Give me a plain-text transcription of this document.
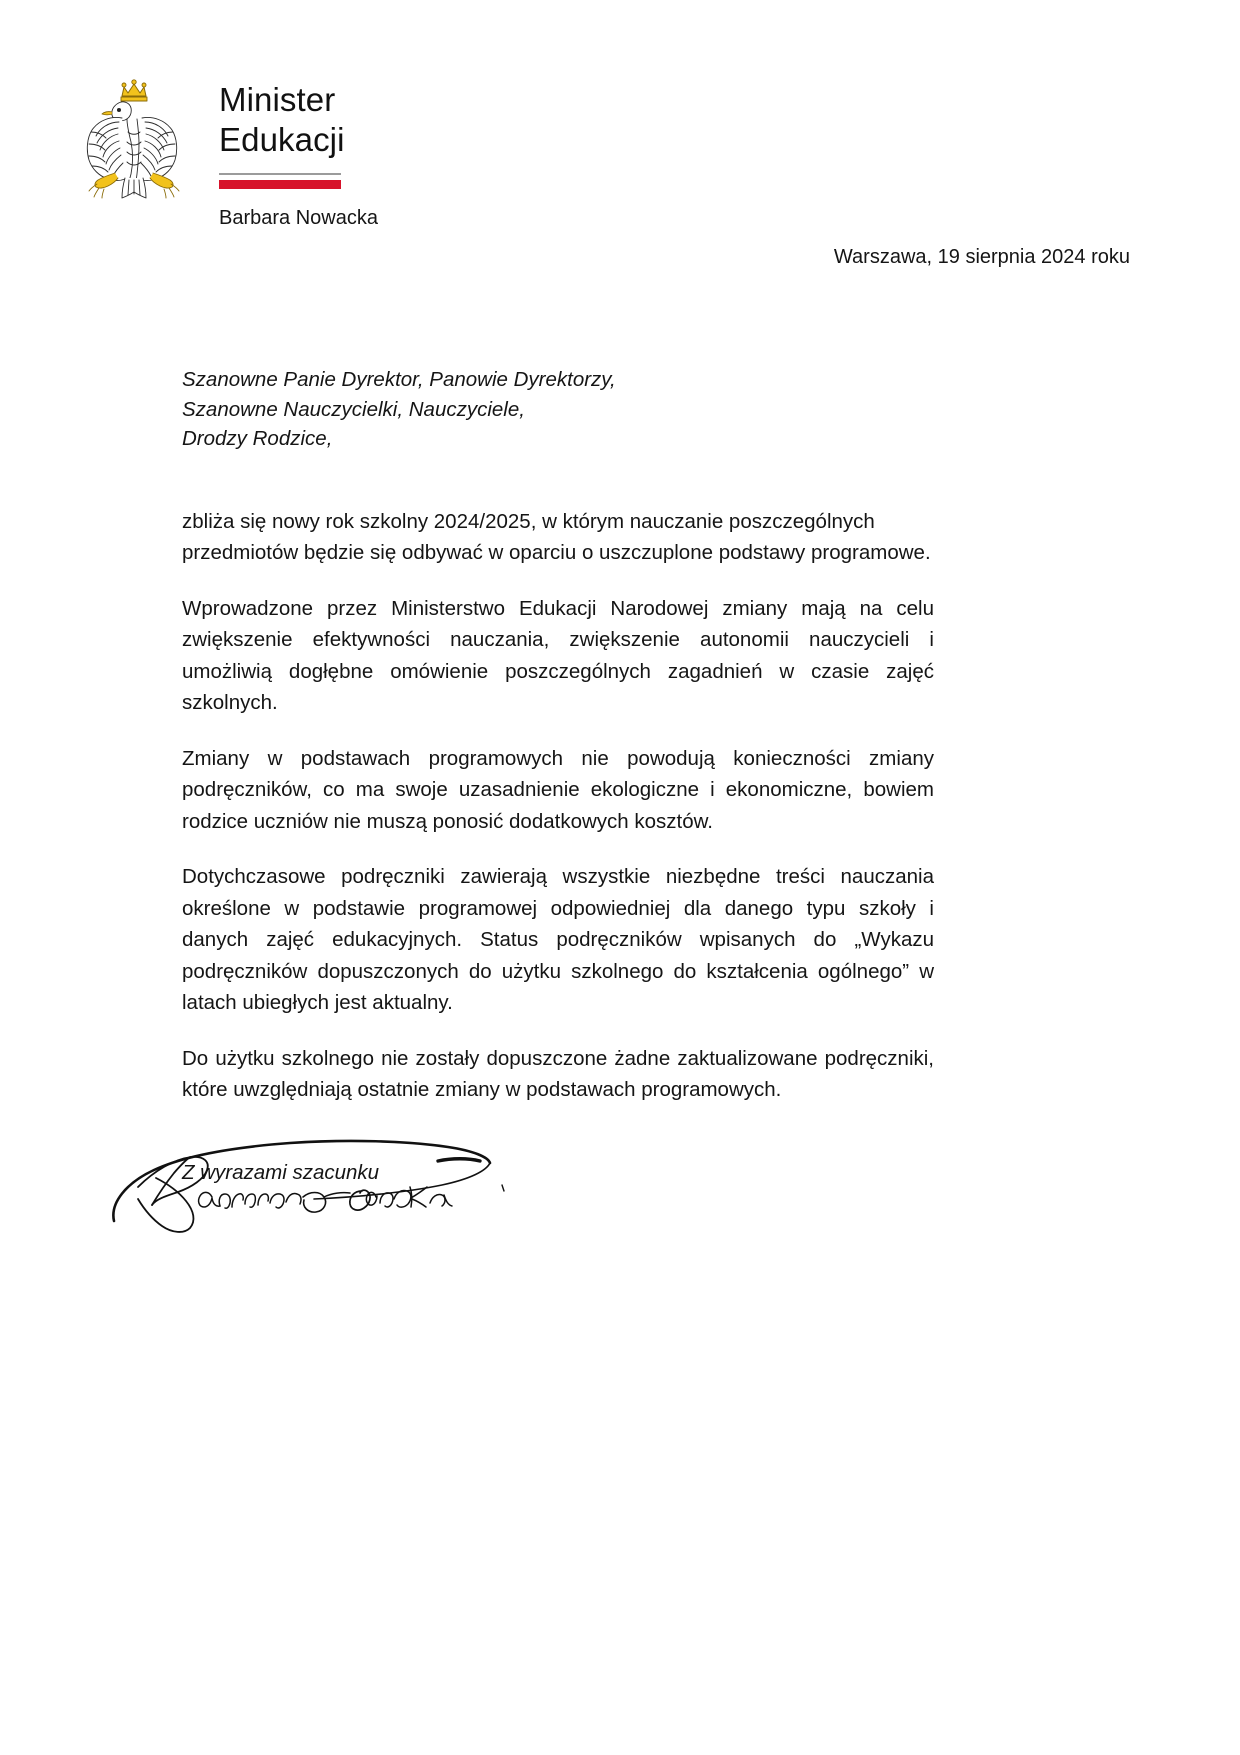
Minister
Edukacji
Barbara Nowacka
Warszawa, 19 sierpnia 2024 roku
Szanowne Panie Dyrektor, Panowie Dyrektorzy,
Szanowne Nauczycielki, Nauczyciele,
Drodzy Rodzice,

zbliża się nowy rok szkolny 2024/2025, w którym nauczanie poszczególnych przedmiotów będzie się odbywać w oparciu o uszczuplone podstawy programowe.

Wprowadzone przez Ministerstwo Edukacji Narodowej zmiany mają na celu zwiększenie efektywności nauczania, zwiększenie autonomii nauczycieli i umożliwią dogłębne omówienie poszczególnych zagadnień w czasie zajęć szkolnych.

Zmiany w podstawach programowych nie powodują konieczności zmiany podręczników, co ma swoje uzasadnienie ekologiczne i ekonomiczne, bowiem rodzice uczniów nie muszą ponosić dodatkowych kosztów.

Dotychczasowe podręczniki zawierają wszystkie niezbędne treści nauczania określone w podstawie programowej odpowiedniej dla danego typu szkoły i danych zajęć edukacyjnych. Status podręczników wpisanych do „Wykazu podręczników dopuszczonych do użytku szkolnego do kształcenia ogólnego” w latach ubiegłych jest aktualny.

Do użytku szkolnego nie zostały dopuszczone żadne zaktualizowane podręczniki, które uwzględniają ostatnie zmiany w podstawach programowych.

Z wyrazami szacunku
